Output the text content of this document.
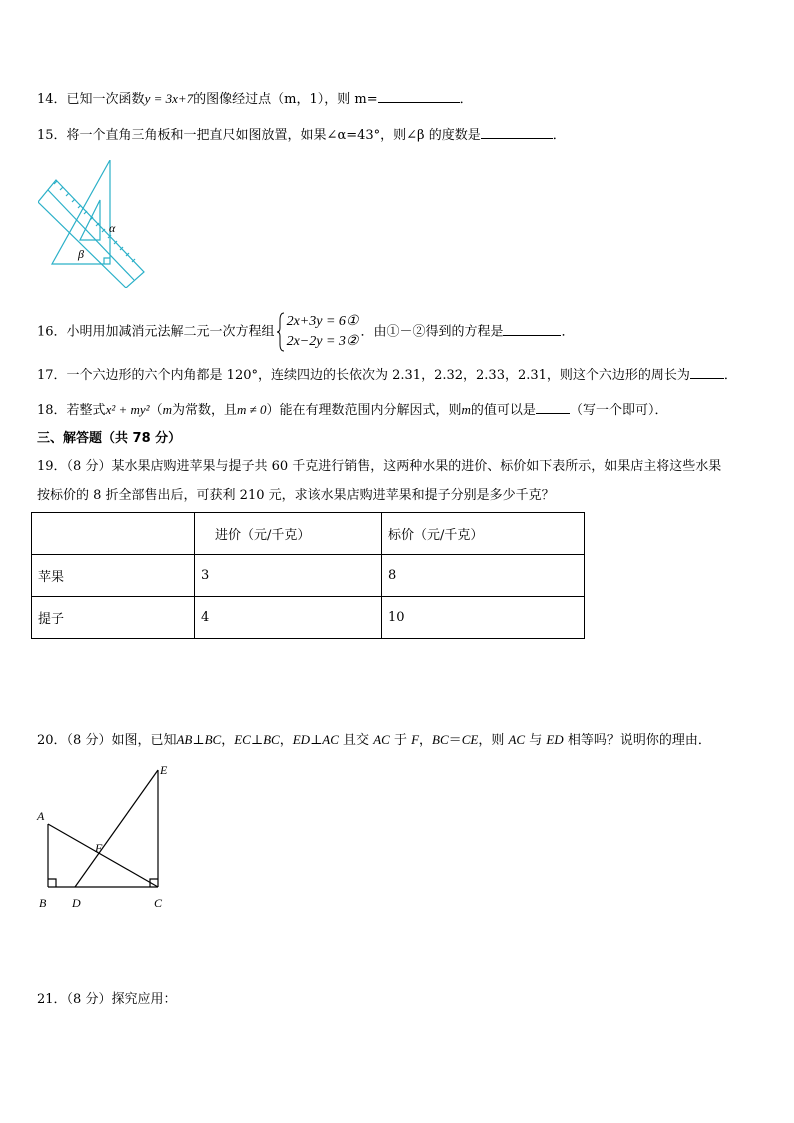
14．已知一次函数y = 3x+7的图像经过点（m，1），则 m=	．
15．将一个直角三角板和一把直尺如图放置，如果∠α=43°，则∠β 的度数是	．
α
β
16．小明用加减消元法解二元一次方程组
2x+3y = 6①
2x−2y = 3②
．由①－②得到的方程是	．
17．一个六边形的六个内角都是 120°，连续四边的长依次为 2.31，2.32，2.33，2.31，则这个六边形的周长为	．
18．若整式x² + my²（m为常数，且m ≠ 0）能在有理数范围内分解因式，则m的值可以是	（写一个即可）．
三、解答题（共 78 分）
19．（8 分）某水果店购进苹果与提子共 60 千克进行销售，这两种水果的进价、标价如下表所示，如果店主将这些水果
按标价的 8 折全部售出后，可获利 210 元，求该水果店购进苹果和提子分别是多少千克？
	进价（元/千克）	标价（元/千克）
苹果	3	8
提子	4	10
20．（8 分）如图，已知AB⊥BC，EC⊥BC，ED⊥AC 且交 AC 于 F，BC＝CE，则 AC 与 ED 相等吗？说明你的理由．
A
B	C
D
E
F
21．（8 分）探究应用：
